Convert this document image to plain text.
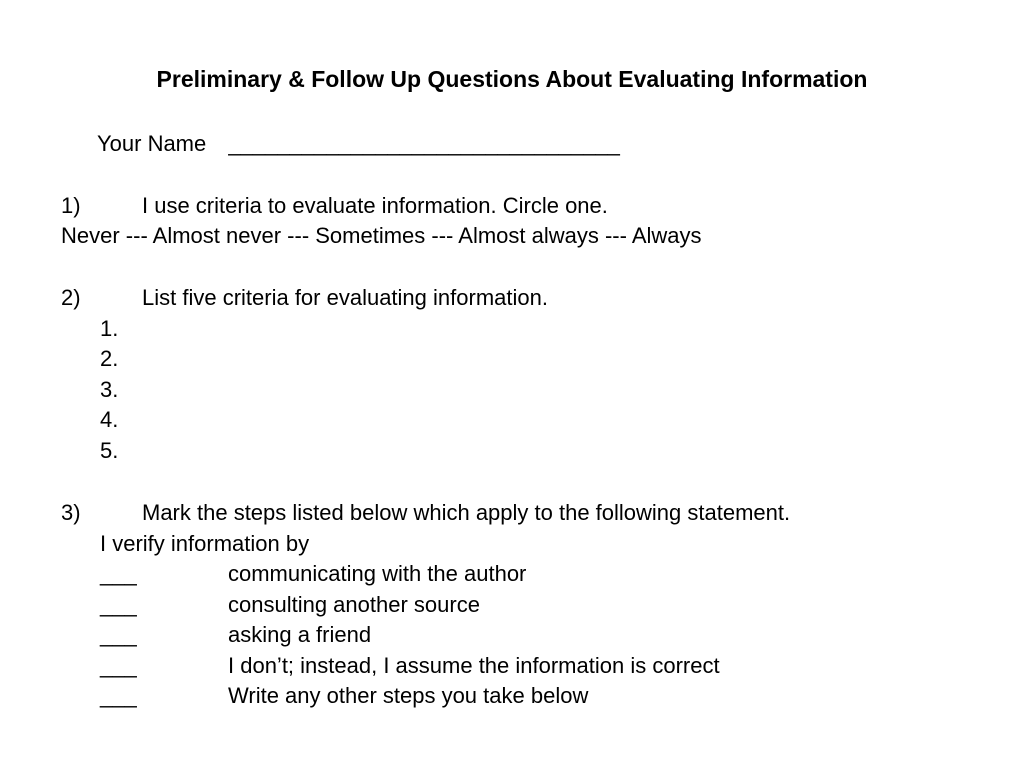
Preliminary & Follow Up Questions About Evaluating Information
Your Name ________________________________
1)	I use criteria to evaluate information. Circle one.
Never --- Almost never --- Sometimes --- Almost always --- Always
2)	List five criteria for evaluating information.
1.
2.
3.
4.
5.
3)	Mark the steps listed below which apply to the following statement.
I verify information by
___	communicating with the author
___	consulting another source
___	asking a friend
___	I don’t; instead, I assume the information is correct
___	Write any other steps you take below
